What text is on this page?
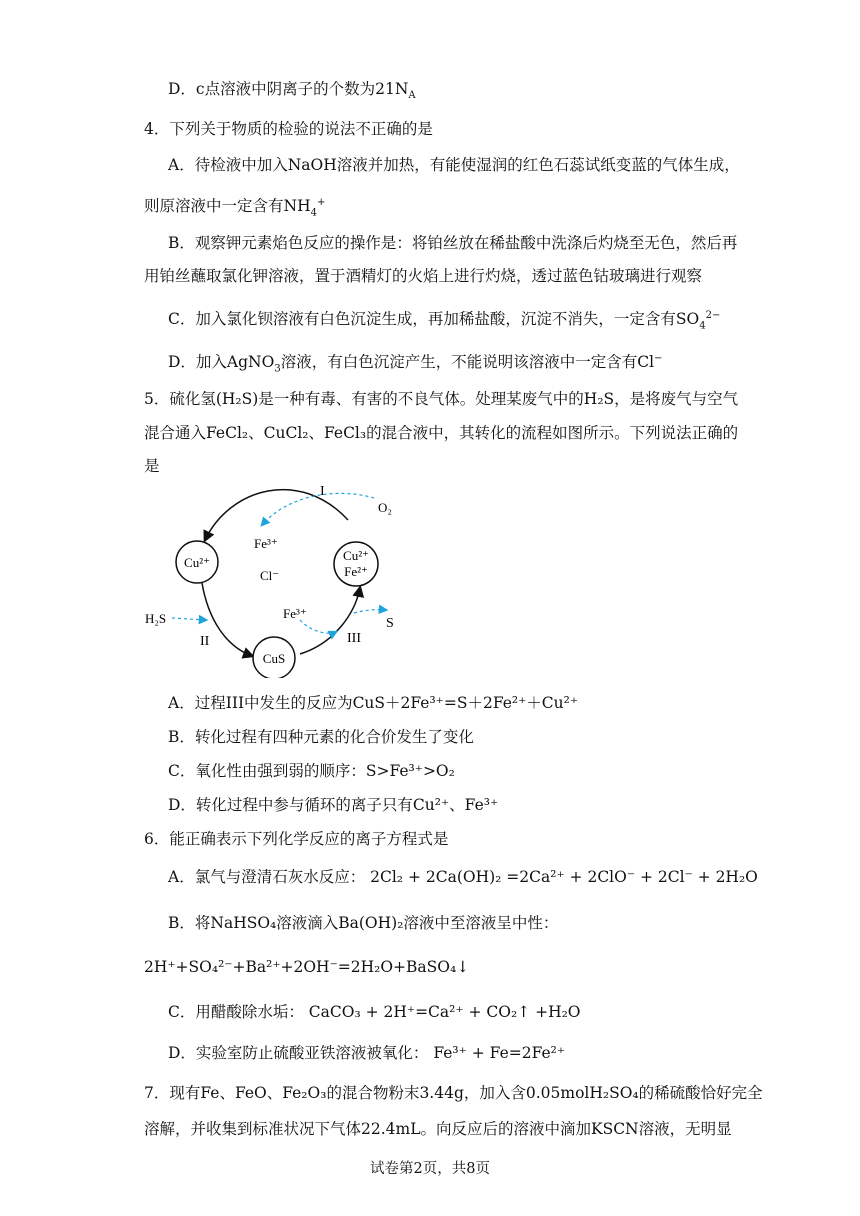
D．c点溶液中阴离子的个数为$21N_A$
4．下列关于物质的检验的说法不正确的是
A．待检液中加入NaOH溶液并加热，有能使湿润的红色石蕊试纸变蓝的气体生成，
则原溶液中一定含有$NH_4^+$
B．观察钾元素焰色反应的操作是：将铂丝放在稀盐酸中洗涤后灼烧至无色，然后再
用铂丝蘸取氯化钾溶液，置于酒精灯的火焰上进行灼烧，透过蓝色钴玻璃进行观察
C．加入氯化钡溶液有白色沉淀生成，再加稀盐酸，沉淀不消失，一定含有$SO_4^{2-}$
D．加入AgNO$_3$溶液，有白色沉淀产生，不能说明该溶液中一定含有Cl−
5．硫化氢(H₂S)是一种有毒、有害的不良气体。处理某废气中的H₂S，是将废气与空气
混合通入FeCl₂、CuCl₂、FeCl₃的混合液中，其转化的流程如图所示。下列说法正确的
是
Cu²⁺	Cu²⁺
Fe²⁺
CuS
Fe³⁺
Cl⁻
Fe³⁺
O₂
H₂S	S
I
II	III
A．过程III中发生的反应为CuS＋2Fe³⁺=S＋2Fe²⁺＋Cu²⁺
B．转化过程有四种元素的化合价发生了变化
C．氧化性由强到弱的顺序：S>Fe³⁺>O₂
D．转化过程中参与循环的离子只有Cu²⁺、Fe³⁺
6．能正确表示下列化学反应的离子方程式是
A．氯气与澄清石灰水反应： 2Cl₂ + 2Ca(OH)₂ =2Ca²⁺ + 2ClO⁻ + 2Cl⁻ + 2H₂O
B．将NaHSO₄溶液滴入Ba(OH)₂溶液中至溶液呈中性：
2H⁺+SO₄²⁻+Ba²⁺+2OH⁻=2H₂O+BaSO₄↓
C．用醋酸除水垢： CaCO₃ + 2H⁺=Ca²⁺ + CO₂↑ +H₂O
D．实验室防止硫酸亚铁溶液被氧化： Fe³⁺ + Fe=2Fe²⁺
7．现有Fe、FeO、Fe₂O₃的混合物粉末3.44g，加入含0.05molH₂SO₄的稀硫酸恰好完全
溶解，并收集到标准状况下气体22.4mL。向反应后的溶液中滴加KSCN溶液，无明显
试卷第2页，共8页
